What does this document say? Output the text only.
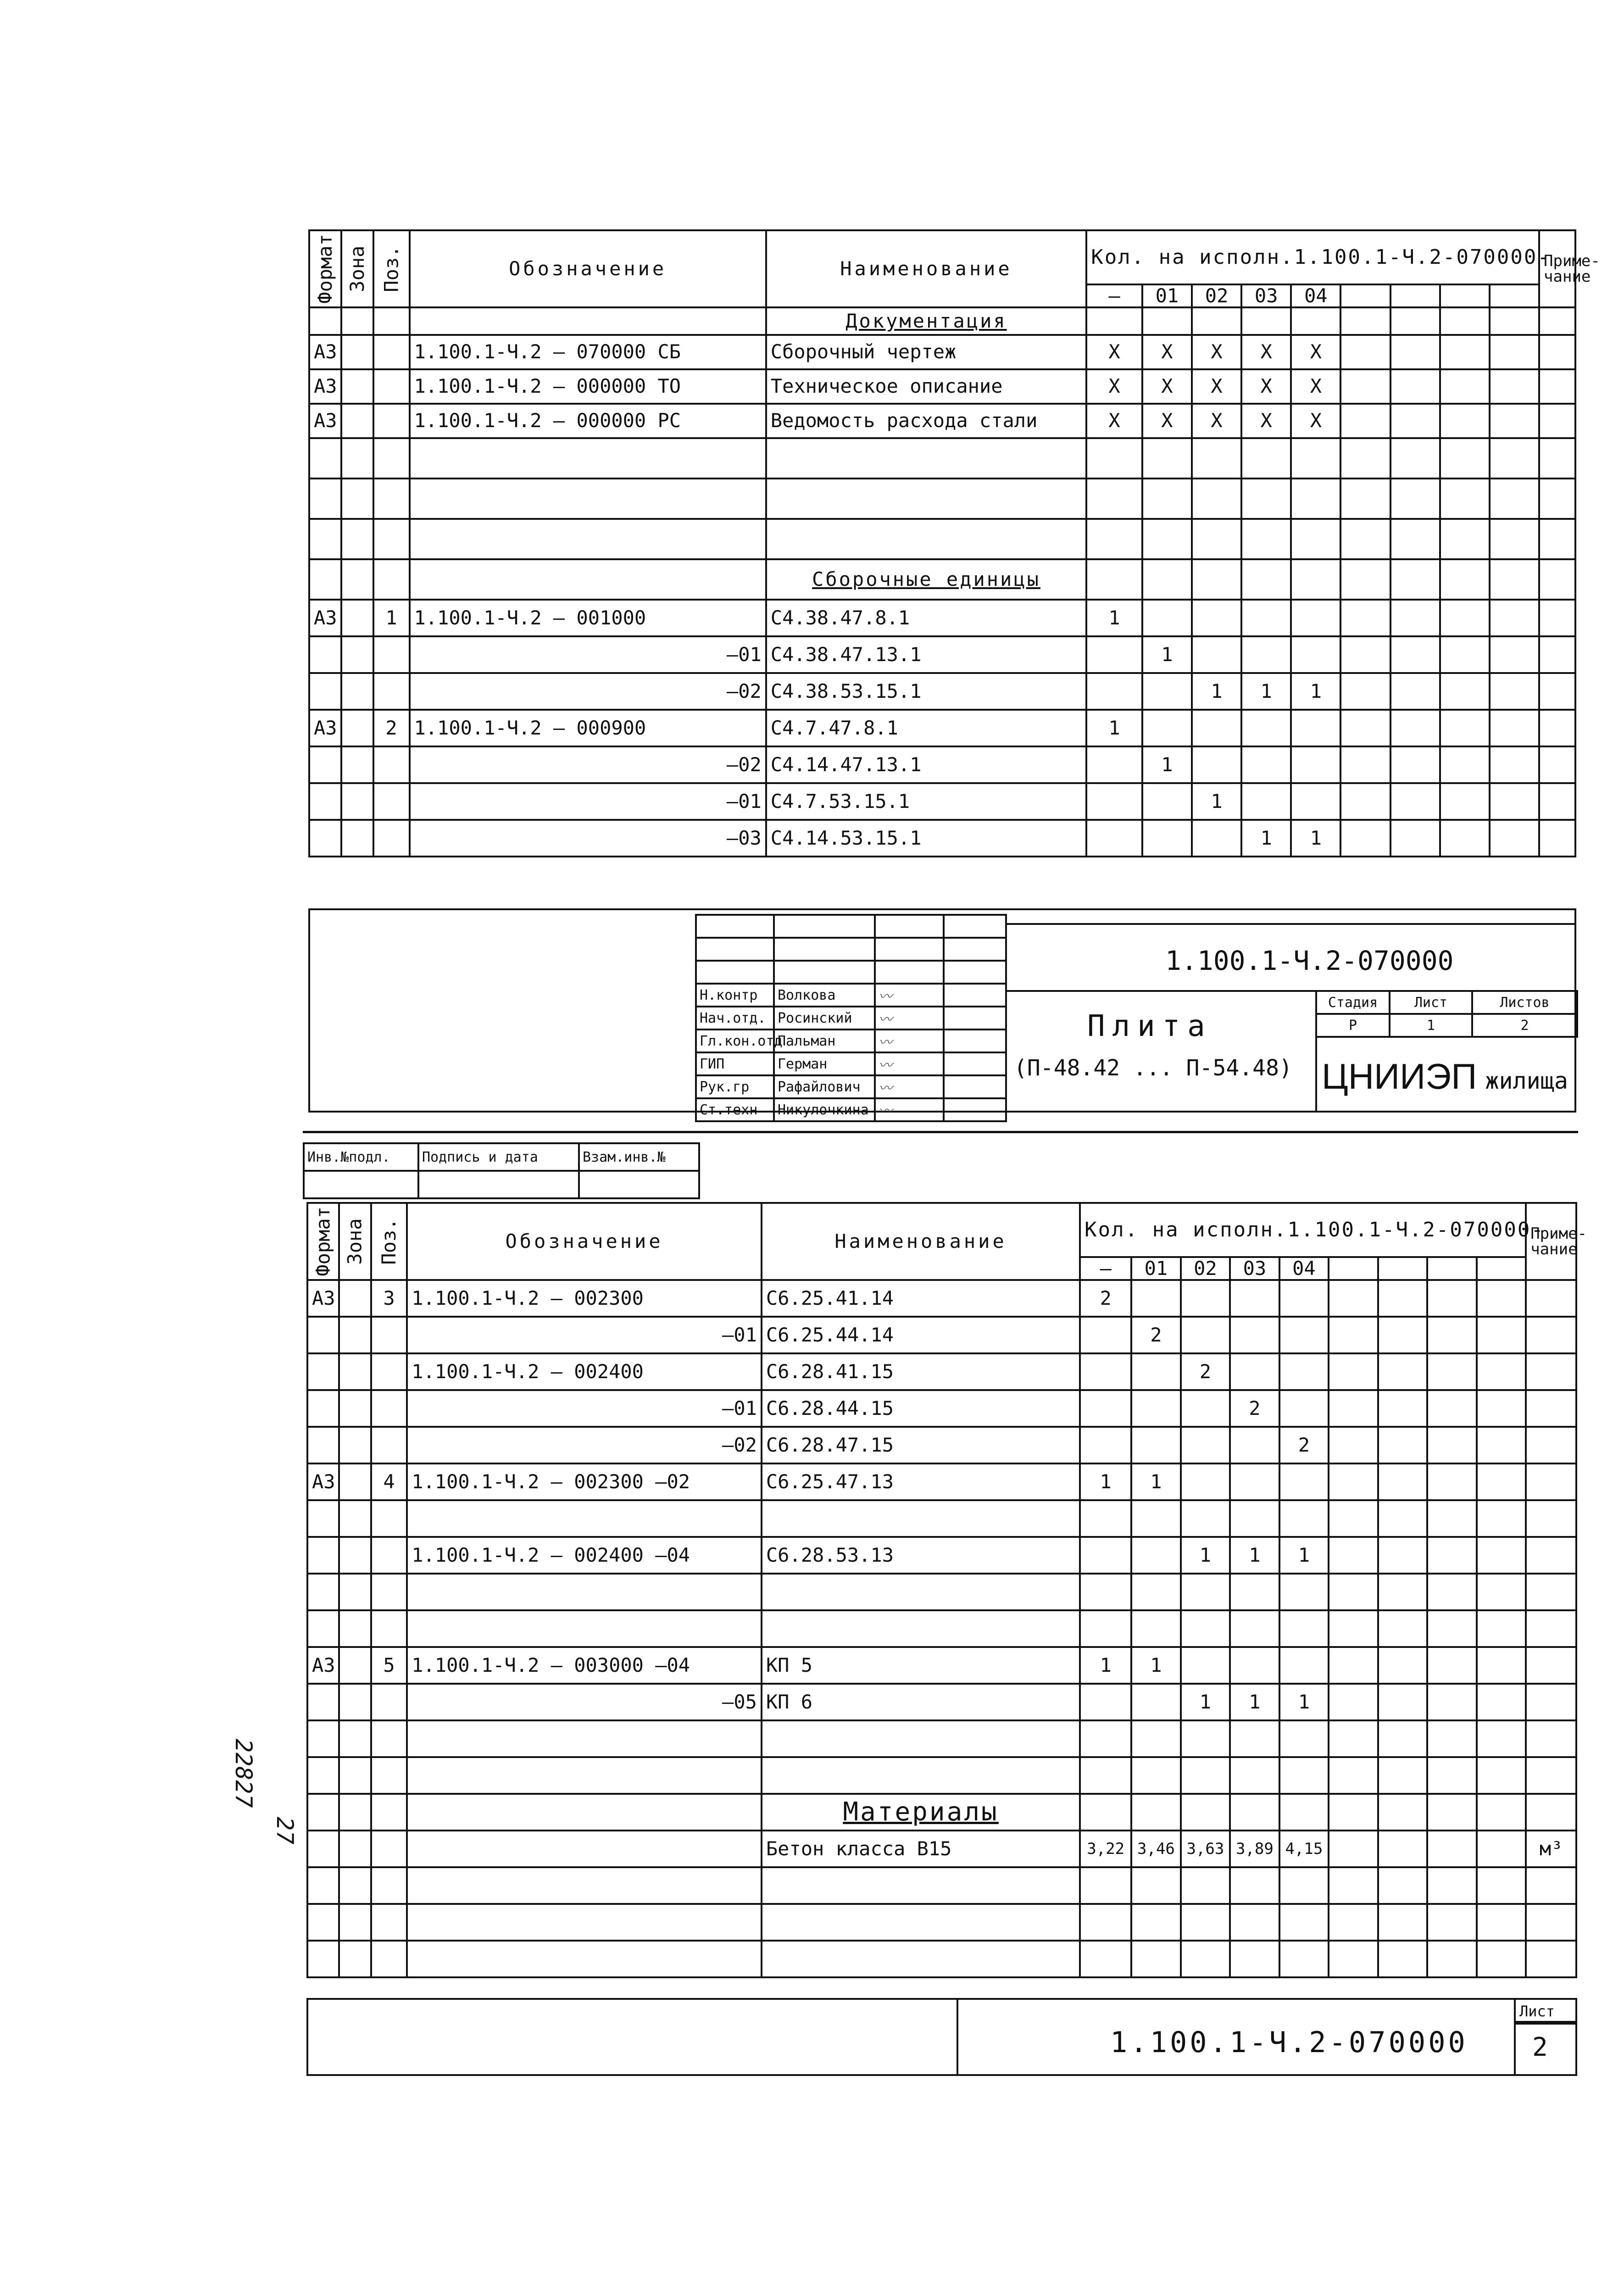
Формат	Зона	Поз.	Обозначение	Наименование	Кол. на исполн.1.100.1-Ч.2-070000-									Приме-чание
					—	01	02	03	04					
				Документация										
А3			1.100.1-Ч.2 — 070000 СБ	Сборочный чертеж	X	X	X	X	X					
А3			1.100.1-Ч.2 — 000000 ТО	Техническое описание	X	X	X	X	X					
А3			1.100.1-Ч.2 — 000000 РС	Ведомость расхода стали	X	X	X	X	X					

				Сборочные единицы										
А3		1	1.100.1-Ч.2 — 001000	С4.38.47.8.1	1									
			—01	С4.38.47.13.1		1								
			—02	С4.38.53.15.1			1	1	1					
А3		2	1.100.1-Ч.2 — 000900	С4.7.47.8.1	1									
			—02	С4.14.47.13.1		1								
			—01	С4.7.53.15.1			1							
			—03	С4.14.53.15.1				1	1					

Н.контр	Волкова	〰	
Нач.отд.	Росинский	〰	
Гл.кон.отд	Пальман	〰	
ГИП	Герман	〰	
Рук.гр	Рафайлович	〰	
Ст.техн	Никулочкина	〰	
1.100.1-Ч.2-070000
Плита
(П-48.42 ... П-54.48)
Стадия	Лист	Листов
Р	1	2
ЦНИИЭП жилища		
Инв.№подл.	Подпись и дата	Взам.инв.№

Формат	Зона	Поз.	Обозначение	Наименование	Кол. на исполн.1.100.1-Ч.2-070000-									Приме-чание
					—	01	02	03	04					
А3		3	1.100.1-Ч.2 — 002300	С6.25.41.14	2									
			—01	С6.25.44.14		2								
			1.100.1-Ч.2 — 002400	С6.28.41.15			2							
			—01	С6.28.44.15				2						
			—02	С6.28.47.15					2					
А3		4	1.100.1-Ч.2 — 002300 —02	С6.25.47.13	1	1								

			1.100.1-Ч.2 — 002400 —04	С6.28.53.13			1	1	1					

А3		5	1.100.1-Ч.2 — 003000 —04	КП 5	1	1								
			—05	КП 6			1	1	1					

				Материалы										
				Бетон класса В15	3,22	3,46	3,63	3,89	4,15					м³

1.100.1-Ч.2-070000
Лист
2
22827
27
